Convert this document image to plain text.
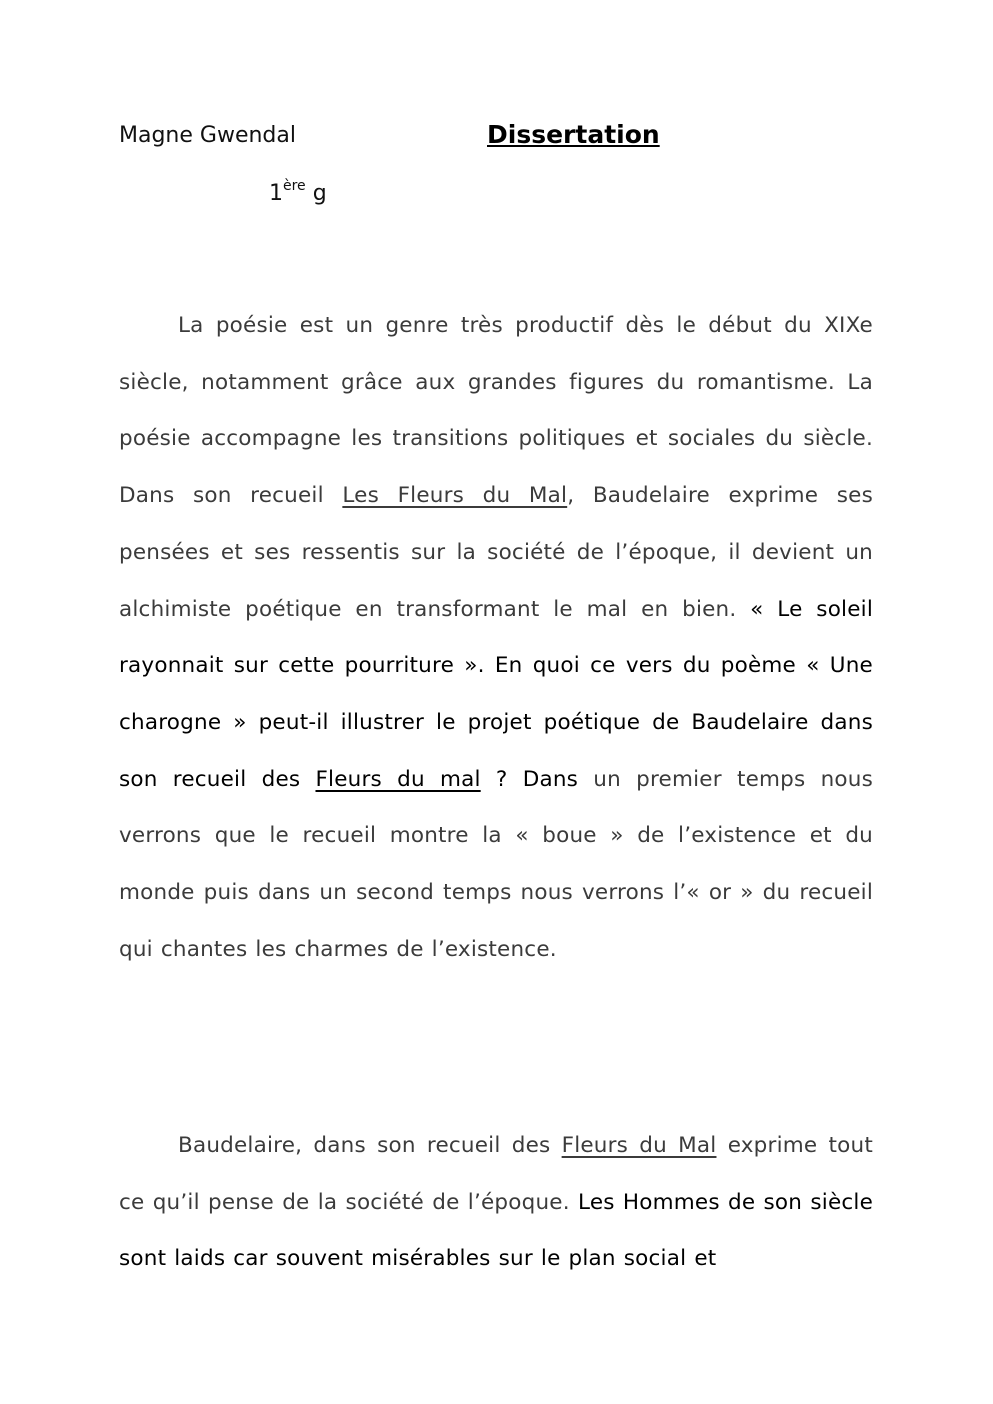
Magne Gwendal	Dissertation
1ère g

La poésie est un genre très productif dès le début du XIXe siècle, notamment grâce aux grandes figures du romantisme. La poésie accompagne les transitions politiques et sociales du siècle. Dans son recueil Les Fleurs du Mal, Baudelaire exprime ses pensées et ses ressentis sur la société de l’époque, il devient un alchimiste poétique en transformant le mal en bien. « Le soleil rayonnait sur cette pourriture ». En quoi ce vers du poème « Une charogne » peut-il illustrer le projet poétique de Baudelaire dans son recueil des Fleurs du mal ? Dans un premier temps nous verrons que le recueil montre la « boue » de l’existence et du monde puis dans un second temps nous verrons l’« or » du recueil qui chantes les charmes de l’existence.

Baudelaire, dans son recueil des Fleurs du Mal exprime tout ce qu’il pense de la société de l’époque. Les Hommes de son siècle sont laids car souvent misérables sur le plan social et
